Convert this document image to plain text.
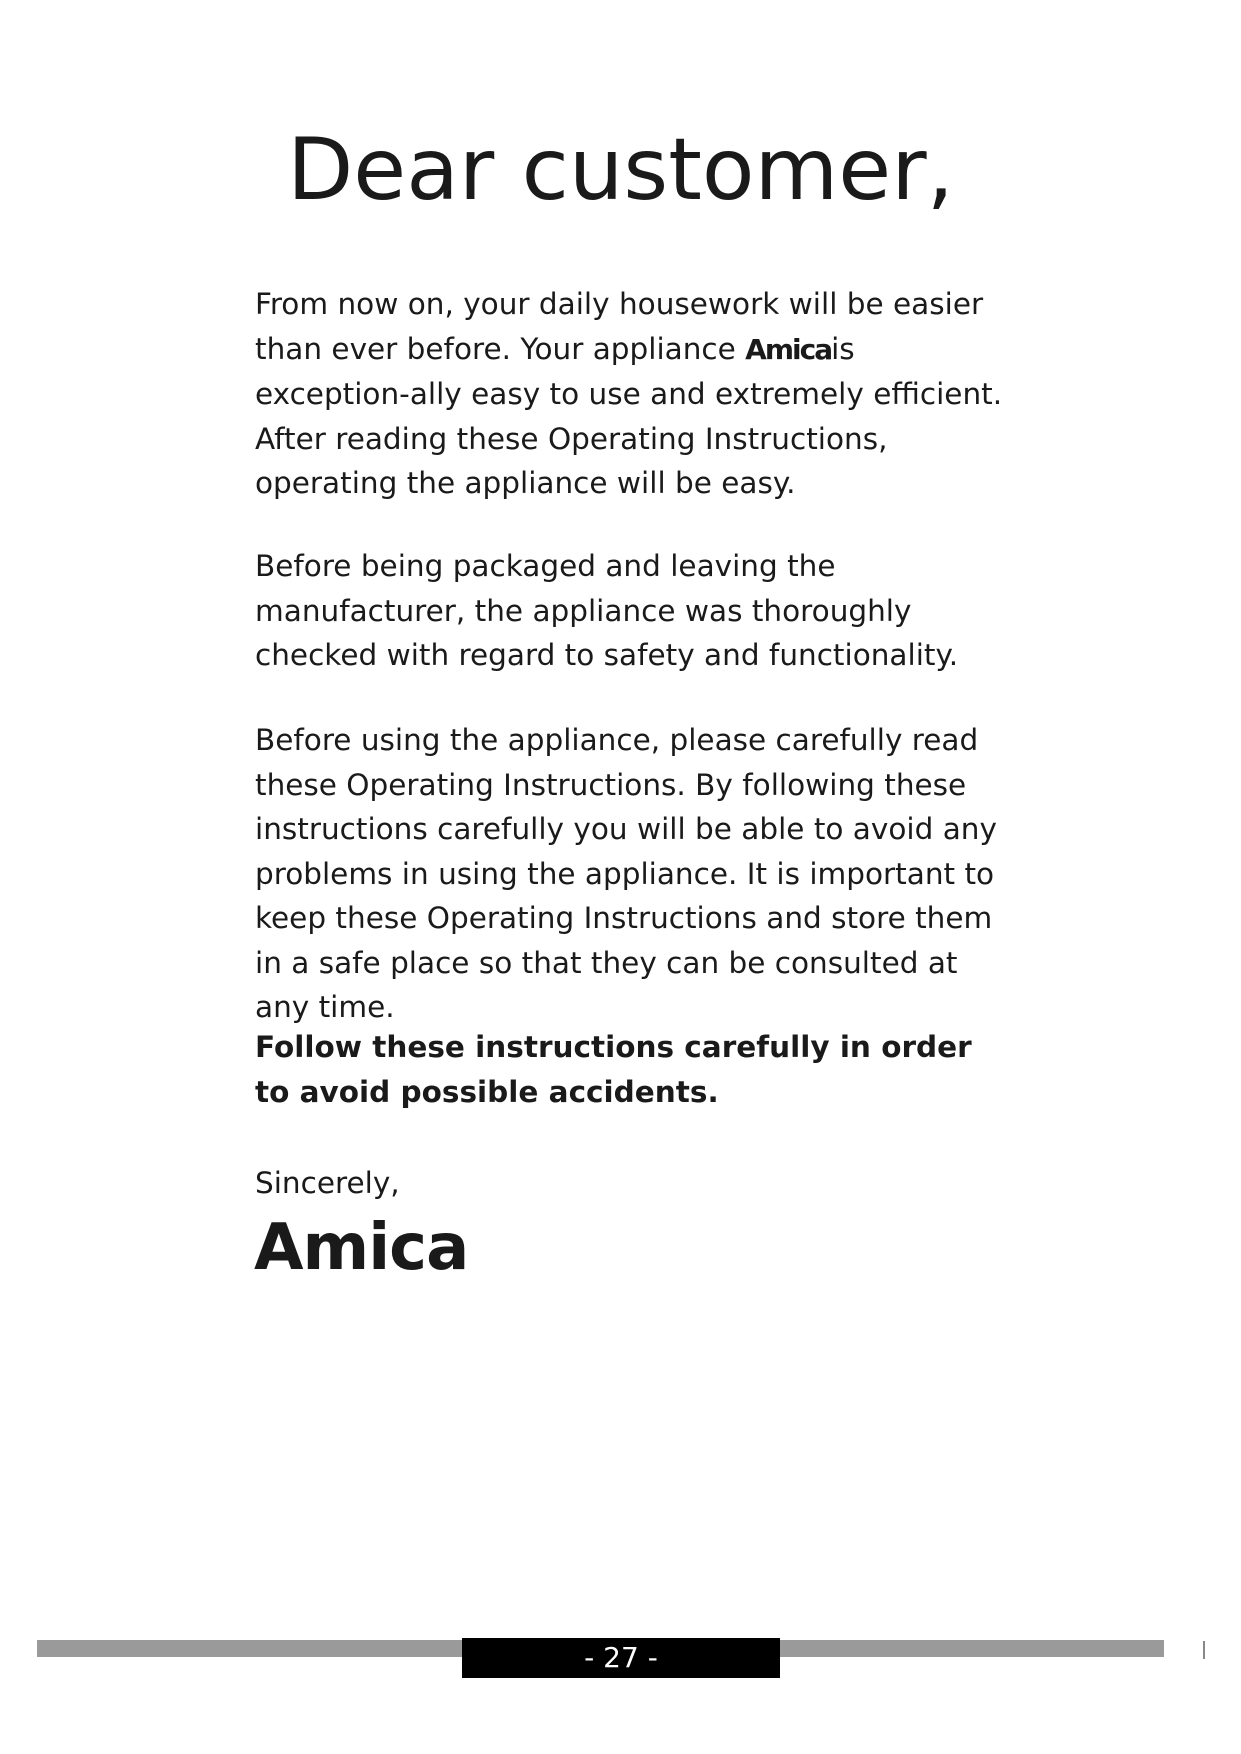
Dear customer,

From now on, your daily housework will be easier than ever before. Your appliance Amicais exception-ally easy to use and extremely efficient. After reading these Operating Instructions, operating the appliance will be easy.

Before being packaged and leaving the manufacturer, the appliance was thoroughly checked with regard to safety and functionality.

Before using the appliance, please carefully read these Operating Instructions. By following these instructions carefully you will be able to avoid any problems in using the appliance. It is important to keep these Operating Instructions and store them in a safe place so that they can be consulted at any time.

Follow these instructions carefully in order to avoid possible accidents.

Sincerely,

Amica
- 27 -
